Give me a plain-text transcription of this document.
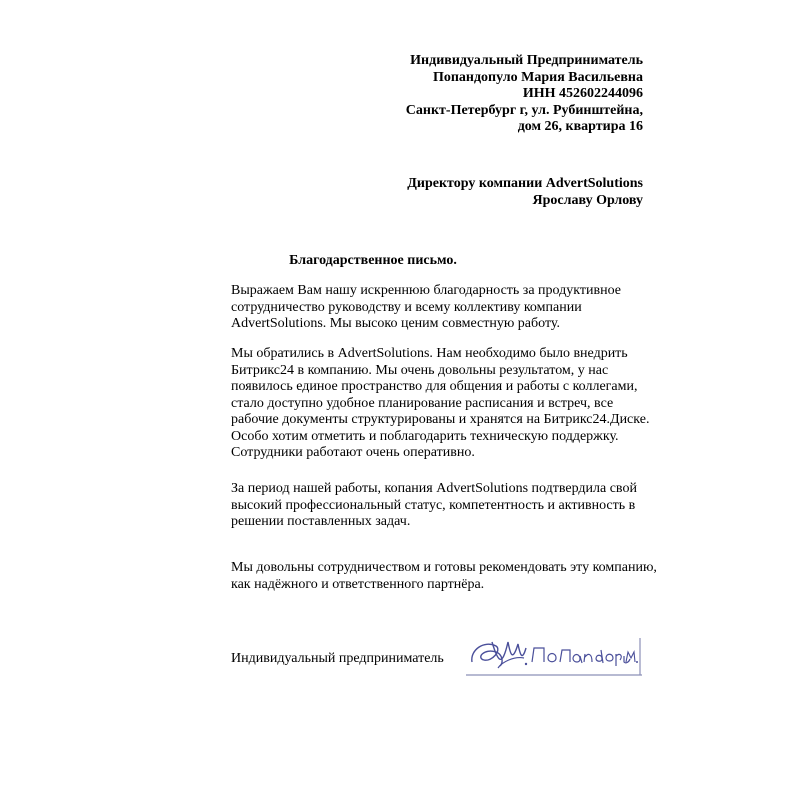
Индивидуальный Предприниматель
Попандопуло Мария Васильевна
ИНН 452602244096
Санкт-Петербург г, ул. Рубинштейна,
дом 26, квартира 16
Директору компании AdvertSolutions
Ярославу Орлову
Благодарственное письмо.

Выражаем Вам нашу искреннюю благодарность за продуктивное
сотрудничество руководству и всему коллективу компании
AdvertSolutions. Мы высоко ценим совместную работу.

Мы обратились в AdvertSolutions. Нам необходимо было внедрить
Битрикс24 в компанию. Мы очень довольны результатом, у нас
появилось единое пространство для общения и работы с коллегами,
стало доступно удобное планирование расписания и встреч, все
рабочие документы структурированы и хранятся на Битрикс24.Диске.
Особо хотим отметить и поблагодарить техническую поддержку.
Сотрудники работают очень оперативно.

За период нашей работы, копания AdvertSolutions подтвердила свой
высокий профессиональный статус, компетентность и активность в
решении поставленных задач.

Мы довольны сотрудничеством и готовы рекомендовать эту компанию,
как надёжного и ответственного партнёра.

Индивидуальный предприниматель
